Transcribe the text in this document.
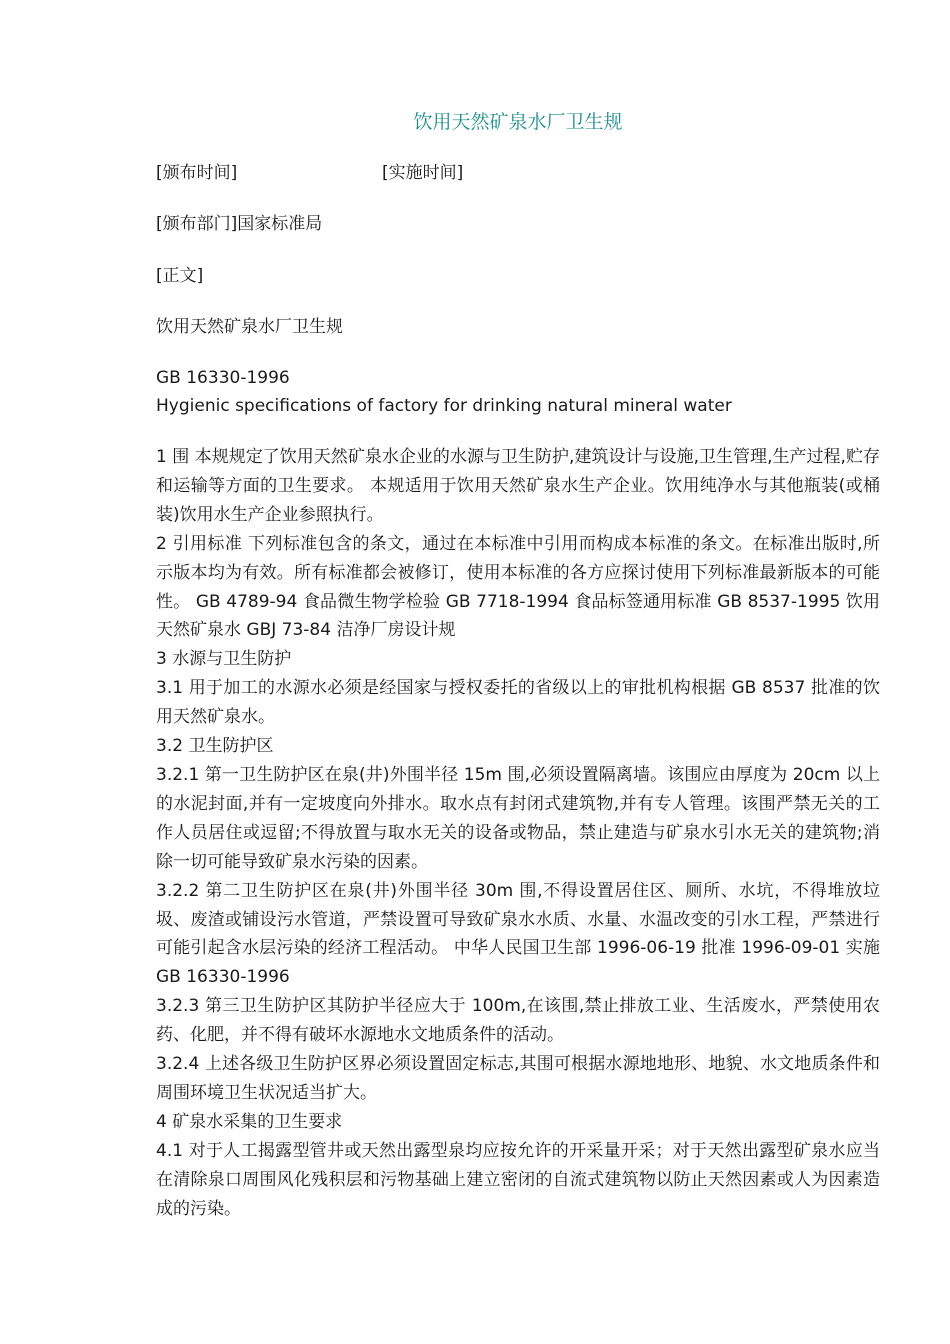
饮用天然矿泉水厂卫生规
[颁布时间]	[实施时间]
[颁布部门]国家标准局
[正文]
饮用天然矿泉水厂卫生规
GB 16330-1996
Hygienic specifications of factory for drinking natural mineral water

1 围 本规规定了饮用天然矿泉水企业的水源与卫生防护,建筑设计与设施,卫生管理,生产过程,贮存和运输等方面的卫生要求。 本规适用于饮用天然矿泉水生产企业。饮用纯净水与其他瓶装(或桶装)饮用水生产企业参照执行。

2 引用标准 下列标准包含的条文，通过在本标准中引用而构成本标准的条文。在标准出版时,所示版本均为有效。所有标准都会被修订，使用本标准的各方应探讨使用下列标准最新版本的可能性。 GB 4789-94 食品微生物学检验 GB 7718-1994 食品标签通用标准 GB 8537-1995 饮用天然矿泉水 GBJ 73-84 洁净厂房设计规

3 水源与卫生防护

3.1 用于加工的水源水必须是经国家与授权委托的省级以上的审批机构根据 GB 8537 批准的饮用天然矿泉水。

3.2 卫生防护区

3.2.1 第一卫生防护区在泉(井)外围半径 15m 围,必须设置隔离墙。该围应由厚度为 20cm 以上的水泥封面,并有一定坡度向外排水。取水点有封闭式建筑物,并有专人管理。该围严禁无关的工作人员居住或逗留;不得放置与取水无关的设备或物品，禁止建造与矿泉水引水无关的建筑物;消除一切可能导致矿泉水污染的因素。

3.2.2 第二卫生防护区在泉(井)外围半径 30m 围,不得设置居住区、厕所、水坑，不得堆放垃圾、废渣或铺设污水管道，严禁设置可导致矿泉水水质、水量、水温改变的引水工程，严禁进行可能引起含水层污染的经济工程活动。 中华人民国卫生部 1996-06-19 批准 1996-09-01 实施 GB 16330-1996

3.2.3 第三卫生防护区其防护半径应大于 100m,在该围,禁止排放工业、生活废水，严禁使用农药、化肥，并不得有破坏水源地水文地质条件的活动。

3.2.4 上述各级卫生防护区界必须设置固定标志,其围可根据水源地地形、地貌、水文地质条件和周围环境卫生状况适当扩大。

4 矿泉水采集的卫生要求

4.1 对于人工揭露型管井或天然出露型泉均应按允许的开采量开采；对于天然出露型矿泉水应当在清除泉口周围风化残积层和污物基础上建立密闭的自流式建筑物以防止天然因素或人为因素造成的污染。
